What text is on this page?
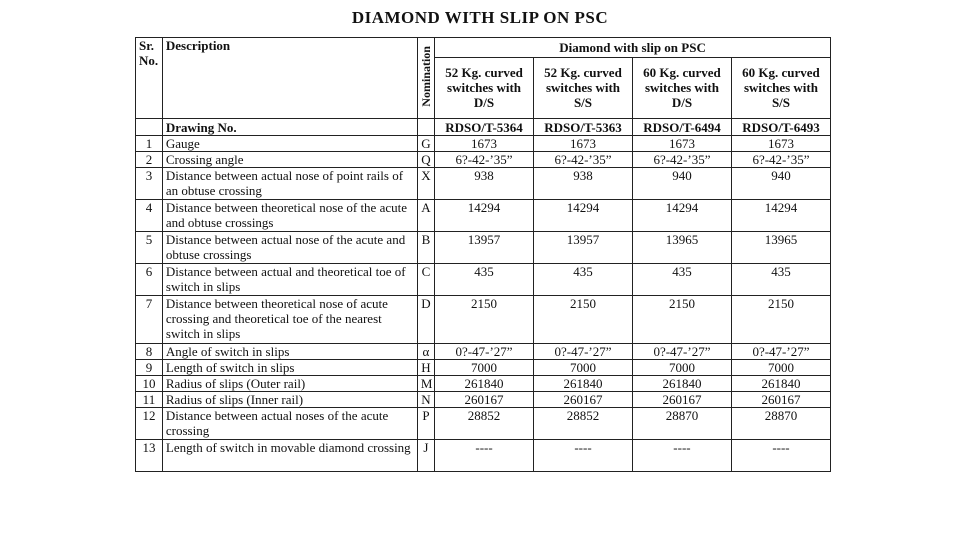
DIAMOND WITH SLIP ON PSC
Sr. No.	Description	Nomination	Diamond with slip on PSC			
			52 Kg. curved switches with D/S	52 Kg. curved switches with S/S	60 Kg. curved switches with D/S	60 Kg. curved switches with S/S
	Drawing No.		RDSO/T-5364	RDSO/T-5363	RDSO/T-6494	RDSO/T-6493
1	Gauge	G	1673	1673	1673	1673
2	Crossing angle	Q	6?-42-’35”	6?-42-’35”	6?-42-’35”	6?-42-’35”
3	Distance between actual nose of point rails of an obtuse crossing	X	938	938	940	940
4	Distance between theoretical nose of the acute and obtuse crossings	A	14294	14294	14294	14294
5	Distance between actual nose of the acute and obtuse crossings	B	13957	13957	13965	13965
6	Distance between actual and theoretical toe of switch in slips	C	435	435	435	435
7	Distance between theoretical nose of acute crossing and theoretical toe of the nearest switch in slips	D	2150	2150	2150	2150
8	Angle of switch in slips	α	0?-47-’27”	0?-47-’27”	0?-47-’27”	0?-47-’27”
9	Length of switch in slips	H	7000	7000	7000	7000
10	Radius of slips (Outer rail)	M	261840	261840	261840	261840
11	Radius of slips (Inner rail)	N	260167	260167	260167	260167
12	Distance between actual noses of the acute crossing	P	28852	28852	28870	28870
13	Length of switch in movable diamond crossing	J	----	----	----	----
